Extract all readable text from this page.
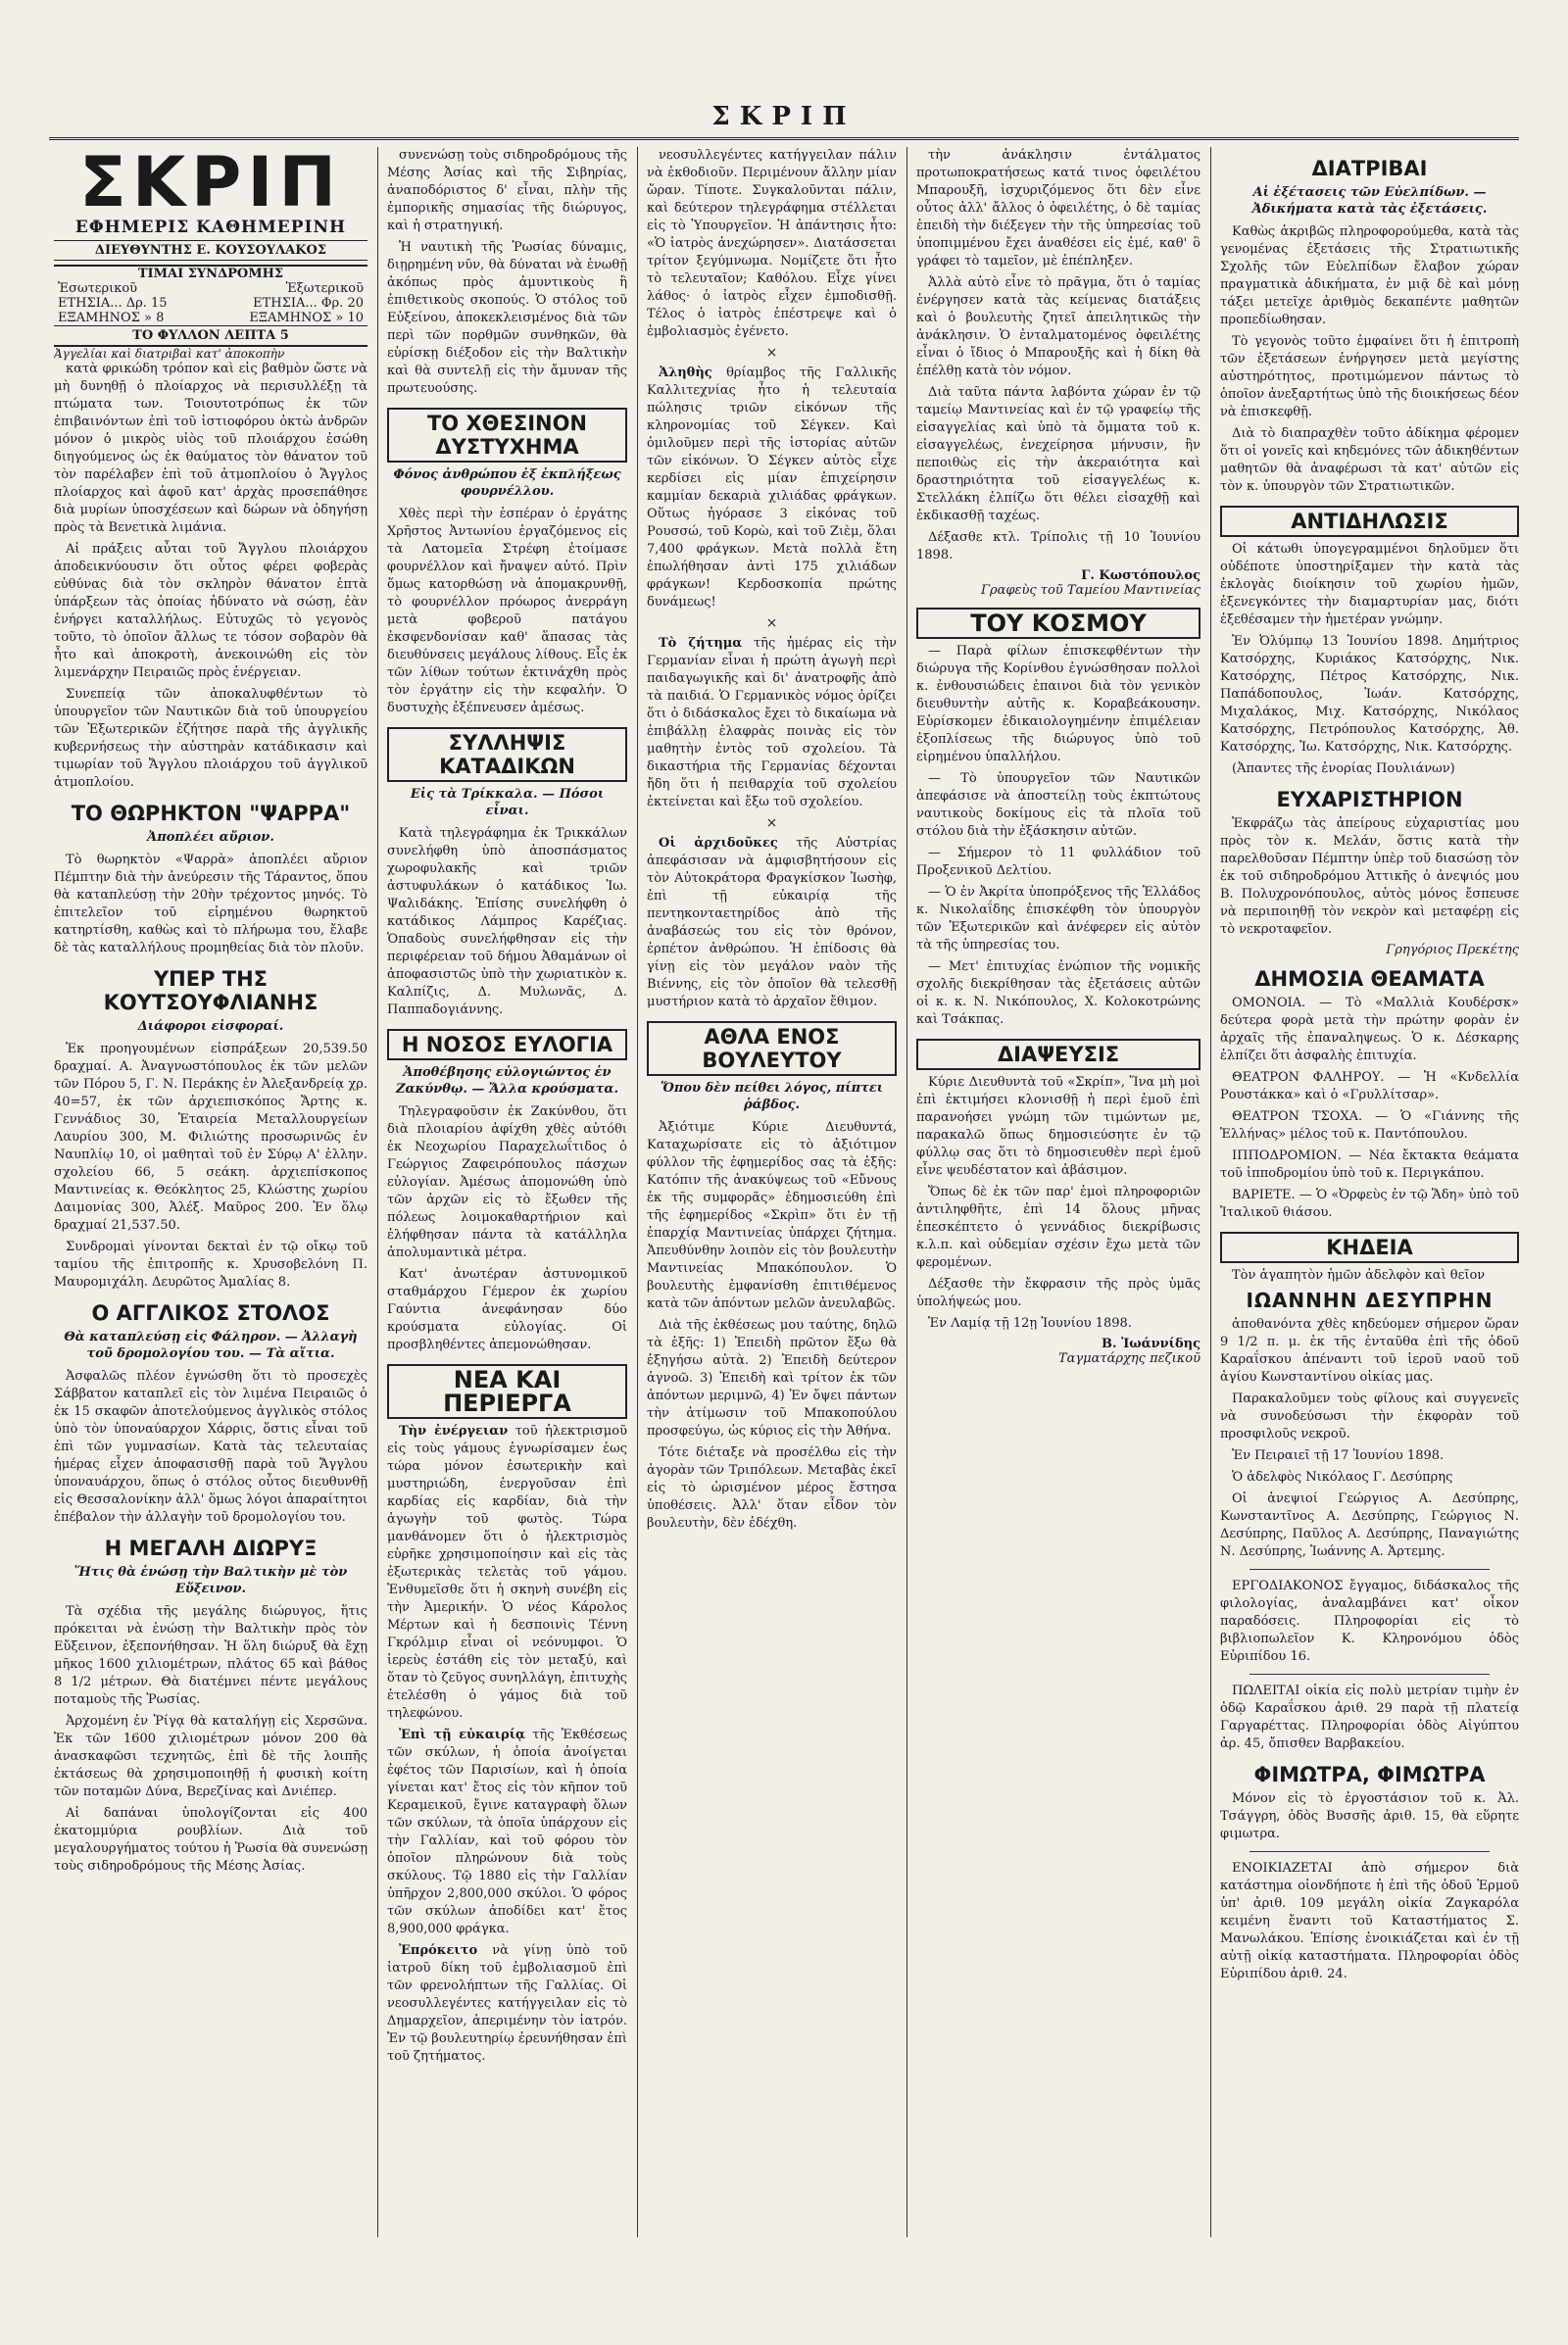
ΣΚΡΙΠ
ΣΚΡΙΠ
ΕΦΗΜΕΡΙΣ ΚΑΘΗΜΕΡΙΝΗ
ΔΙΕΥΘΥΝΤΗΣ Ε. ΚΟΥΣΟΥΛΑΚΟΣ
ΤΙΜΑΙ ΣΥΝΔΡΟΜΗΣ
Ἐσωτερικοῦ	Ἐξωτερικοῦ
ΕΤΗΣΙΑ... Δρ. 15	ΕΤΗΣΙΑ... Φρ. 20
ΕΞΑΜΗΝΟΣ » 8	ΕΞΑΜΗΝΟΣ » 10
ΤΟ ΦΥΛΛΟΝ ΛΕΠΤΑ 5
Ἀγγελίαι καὶ διατριβαὶ κατ' ἀποκοπὴν

κατὰ φρικώδη τρόπον καὶ εἰς βαθμὸν ὥστε νὰ μὴ δυνηθῇ ὁ πλοίαρχος νὰ περισυλλέξῃ τὰ πτώματα των. Τοιουτοτρόπως ἐκ τῶν ἐπιβαινόντων ἐπὶ τοῦ ἱστιοφόρου ὀκτὼ ἀνδρῶν μόνον ὁ μικρὸς υἱὸς τοῦ πλοιάρχου ἐσώθη διηγούμενος ὡς ἐκ θαύματος τὸν θάνατον τοῦ τὸν παρέλαβεν ἐπὶ τοῦ ἀτμοπλοίου ὁ Ἄγγλος πλοίαρχος καὶ ἀφοῦ κατ' ἀρχὰς προσεπάθησε διὰ μυρίων ὑποσχέσεων καὶ δώρων νὰ ὁδηγήσῃ πρὸς τὰ Βενετικὰ λιμάνια.

Αἱ πράξεις αὗται τοῦ Ἄγγλου πλοιάρχου ἀποδεικνύουσιν ὅτι οὗτος φέρει φοβερὰς εὐθύνας διὰ τὸν σκληρὸν θάνατον ἑπτὰ ὑπάρξεων τὰς ὁποίας ἠδύνατο νὰ σώσῃ, ἐὰν ἐνήργει καταλλήλως. Εὐτυχῶς τὸ γεγονὸς τοῦτο, τὸ ὁποῖον ἄλλως τε τόσον σοβαρὸν θὰ ἦτο καὶ ἀποκροτὴ, ἀνεκοινώθη εἰς τὸν λιμενάρχην Πειραιῶς πρὸς ἐνέργειαν.

Συνεπείᾳ τῶν ἀποκαλυφθέντων τὸ ὑπουργεῖον τῶν Ναυτικῶν διὰ τοῦ ὑπουργείου τῶν Ἐξωτερικῶν ἐζήτησε παρὰ τῆς ἀγγλικῆς κυβερνήσεως τὴν αὐστηρὰν κατάδικασιν καὶ τιμωρίαν τοῦ Ἄγγλου πλοιάρχου τοῦ ἀγγλικοῦ ἀτμοπλοίου.

ΤΟ ΘΩΡΗΚΤΟΝ "ΨΑΡΡΑ"
Ἀποπλέει αὔριον.

Τὸ θωρηκτὸν «Ψαρρὰ» ἀποπλέει αὔριον Πέμπτην διὰ τὴν ἀνεύρεσιν τῆς Τάραντος, ὅπου θὰ καταπλεύσῃ τὴν 20ὴν τρέχοντος μηνός. Τὸ ἐπιτελεῖον τοῦ εἰρημένου θωρηκτοῦ κατηρτίσθη, καθὼς καὶ τὸ πλήρωμα του, ἔλαβε δὲ τὰς καταλλήλους προμηθείας διὰ τὸν πλοῦν.

ΥΠΕΡ ΤΗΣ ΚΟΥΤΣΟΥΦΛΙΑΝΗΣ
Διάφοροι εἰσφοραί.

Ἐκ προηγουμένων εἰσπράξεων 20,539.50 δραχμαί. Α. Ἀναγνωστόπουλος ἐκ τῶν μελῶν τῶν Πόρου 5, Γ. Ν. Περάκης ἐν Ἀλεξανδρείᾳ χρ. 40=57, ἐκ τῶν ἀρχιεπισκόπος Ἄρτης κ. Γεννάδιος 30, Ἑταιρεία Μεταλλουργείων Λαυρίου 300, Μ. Φιλιώτης προσωρινῶς ἐν Ναυπλίῳ 10, οἱ μαθηταὶ τοῦ ἐν Σύρῳ Α' ἑλλην. σχολείου 66, 5 σεάκη. ἀρχιεπίσκοπος Μαντινείας κ. Θεόκλητος 25, Κλώστης χωρίου Δαιμονίας 300, Ἀλέξ. Μαῦρος 200. Ἐν ὅλῳ δραχμαί 21,537.50.

Συνδρομαὶ γίνονται δεκταὶ ἐν τῷ οἴκῳ τοῦ ταμίου τῆς ἐπιτροπῆς κ. Χρυσοβελόνη Π. Μαυρομιχάλη. Δευρῶτος Ἀμαλίας 8.

Ο ΑΓΓΛΙΚΟΣ ΣΤΟΛΟΣ
Θὰ καταπλεύσῃ εἰς Φάληρον. — Ἀλλαγὴ τοῦ δρομολογίου του. — Τὰ αἴτια.

Ἀσφαλῶς πλέον ἐγνώσθη ὅτι τὸ προσεχὲς Σάββατον καταπλεῖ εἰς τὸν λιμένα Πειραιῶς ὁ ἐκ 15 σκαφῶν ἀποτελούμενος ἀγγλικὸς στόλος ὑπὸ τὸν ὑποναύαρχον Χάρρις, ὅστις εἶναι τοῦ ἐπὶ τῶν γυμνασίων. Κατὰ τὰς τελευταίας ἡμέρας εἶχεν ἀποφασισθῇ παρὰ τοῦ Ἄγγλου ὑποναυάρχου, ὅπως ὁ στόλος οὗτος διευθυνθῇ εἰς Θεσσαλονίκην ἀλλ' ὅμως λόγοι ἀπαραίτητοι ἐπέβαλον τὴν ἀλλαγὴν τοῦ δρομολογίου του.

Η ΜΕΓΑΛΗ ΔΙΩΡΥΞ
Ἥτις θὰ ἑνώσῃ τὴν Βαλτικὴν μὲ τὸν Εὔξεινον.

Τὰ σχέδια τῆς μεγάλης διώρυγος, ἥτις πρόκειται νὰ ἑνώσῃ τὴν Βαλτικὴν πρὸς τὸν Εὔξεινον, ἐξεπονήθησαν. Ἡ ὅλη διώρυξ θὰ ἔχῃ μῆκος 1600 χιλιομέτρων, πλάτος 65 καὶ βάθος 8 1/2 μέτρων. Θὰ διατέμνει πέντε μεγάλους ποταμοὺς τῆς Ῥωσίας.

Ἀρχομένη ἐν Ῥίγᾳ θὰ καταλήγῃ εἰς Χερσῶνα. Ἐκ τῶν 1600 χιλιομέτρων μόνον 200 θὰ ἀνασκαφῶσι τεχνητῶς, ἐπὶ δὲ τῆς λοιπῆς ἐκτάσεως θὰ χρησιμοποιηθῇ ἡ φυσικὴ κοίτη τῶν ποταμῶν Δύνα, Βερεζίνας καὶ Δνιέπερ.

Αἱ δαπάναι ὑπολογίζονται εἰς 400 ἑκατομμύρια ρουβλίων. Διὰ τοῦ μεγαλουργήματος τούτου ἡ Ῥωσία θὰ συνενώσῃ τοὺς σιδηροδρόμους τῆς Μέσης Ἀσίας.

συνενώσῃ τοὺς σιδηροδρόμους τῆς Μέσης Ἀσίας καὶ τῆς Σιβηρίας, ἀναποδόριστος δ' εἶναι, πλὴν τῆς ἐμπορικῆς σημασίας τῆς διώρυγος, καὶ ἡ στρατηγική.

Ἡ ναυτικὴ τῆς Ῥωσίας δύναμις, διῃρημένη νῦν, θὰ δύναται νὰ ἑνωθῇ ἀκόπως πρὸς ἀμυντικοὺς ἢ ἐπιθετικοὺς σκοπούς. Ὁ στόλος τοῦ Εὐξείνου, ἀποκεκλεισμένος διὰ τῶν περὶ τῶν πορθμῶν συνθηκῶν, θὰ εὑρίσκῃ διέξοδον εἰς τὴν Βαλτικὴν καὶ θὰ συντελῇ εἰς τὴν ἄμυναν τῆς πρωτευούσης.

ΤΟ ΧΘΕΣΙΝΟΝ ΔΥΣΤΥΧΗΜΑ
Φόνος ἀνθρώπου ἐξ ἐκπλήξεως φουρνέλλου.

Χθὲς περὶ τὴν ἑσπέραν ὁ ἐργάτης Χρῆστος Ἀντωνίου ἐργαζόμενος εἰς τὰ Λατομεῖα Στρέφη ἐτοίμασε φουρνέλλον καὶ ἤναψεν αὐτό. Πρὶν ὅμως κατορθώσῃ νὰ ἀπομακρυνθῇ, τὸ φουρνέλλον πρόωρος ἀνερράγη μετὰ φοβεροῦ πατάγου ἐκσφενδονίσαν καθ' ἅπασας τὰς διευθύνσεις μεγάλους λίθους. Εἷς ἐκ τῶν λίθων τούτων ἐκτινάχθη πρὸς τὸν ἐργάτην εἰς τὴν κεφαλήν. Ὁ δυστυχὴς ἐξέπνευσεν ἀμέσως.

ΣΥΛΛΗΨΙΣ ΚΑΤΑΔΙΚΩΝ
Εἰς τὰ Τρίκκαλα. — Πόσοι εἶναι.

Κατὰ τηλεγράφημα ἐκ Τρικκάλων συνελήφθη ὑπὸ ἀποσπάσματος χωροφυλακῆς καὶ τριῶν ἀστυφυλάκων ὁ κατάδικος Ἰω. Ψαλιδάκης. Ἐπίσης συνελήφθη ὁ κατάδικος Λάμπρος Καρέζιας. Ὁπαδοὺς συνελήφθησαν εἰς τὴν περιφέρειαν τοῦ δήμου Ἀθαμάνων οἱ ἀποφασιστῶς ὑπὸ τὴν χωριατικὸν κ. Καλπίζις, Δ. Μυλωνᾶς, Δ. Παππαδογιάννης.

Η ΝΟΣΟΣ ΕΥΛΟΓΙΑ
Ἀποθέβησης εὐλογιώντος ἐν Ζακύνθῳ. — Ἄλλα κρούσματα.

Τηλεγραφοῦσιν ἐκ Ζακύνθου, ὅτι διὰ πλοιαρίου ἀφίχθη χθὲς αὐτόθι ἐκ Νεοχωρίου Παραχελωΐτιδος ὁ Γεώργιος Ζαφειρόπουλος πάσχων εὐλογίαν. Ἀμέσως ἀπομονώθη ὑπὸ τῶν ἀρχῶν εἰς τὸ ἔξωθεν τῆς πόλεως λοιμοκαθαρτήριον καὶ ἐλήφθησαν πάντα τὰ κατάλληλα ἀπολυμαντικὰ μέτρα.

Κατ' ἀνωτέραν ἀστυνομικοῦ σταθμάρχου Γέμερον ἐκ χωρίου Γαύντια ἀνεφάνησαν δύο κρούσματα εὐλογίας. Οἱ προσβληθέντες ἀπεμονώθησαν.

ΝΕΑ ΚΑΙ ΠΕΡΙΕΡΓΑ

Τὴν ἐνέργειαν τοῦ ἠλεκτρισμοῦ εἰς τοὺς γάμους ἐγνωρίσαμεν ἐως τώρα μόνον ἐσωτερικὴν καὶ μυστηριώδη, ἐνεργοῦσαν ἐπὶ καρδίας εἰς καρδίαν, διὰ τὴν ἀγωγὴν τοῦ φωτὸς. Τώρα μανθάνομεν ὅτι ὁ ἠλεκτρισμὸς εὑρῆκε χρησιμοποίησιν καὶ εἰς τὰς ἐξωτερικὰς τελετὰς τοῦ γάμου. Ἐνθυμεῖσθε ὅτι ἡ σκηνὴ συνέβη εἰς τὴν Ἀμερικήν. Ὁ νέος Κάρολος Μέρτων καὶ ἡ δεσποινὶς Τέννη Γκρόλμιρ εἶναι οἱ νεόνυμφοι. Ὁ ἱερεὺς ἐστάθη εἰς τὸν μεταξύ, καὶ ὅταν τὸ ζεῦγος συνηλλάγη, ἐπιτυχὴς ἐτελέσθη ὁ γάμος διὰ τοῦ τηλεφώνου.

Ἐπὶ τῇ εὐκαιρίᾳ τῆς Ἐκθέσεως τῶν σκύλων, ἡ ὁποία ἀνοίγεται ἐφέτος τῶν Παρισίων, καὶ ἡ ὁποία γίνεται κατ' ἔτος εἰς τὸν κῆπον τοῦ Κεραμεικοῦ, ἔγινε καταγραφὴ ὅλων τῶν σκύλων, τὰ ὁποῖα ὑπάρχουν εἰς τὴν Γαλλίαν, καὶ τοῦ φόρου τὸν ὁποῖον πληρώνουν διὰ τοὺς σκύλους. Τῷ 1880 εἰς τὴν Γαλλίαν ὑπῆρχον 2,800,000 σκύλοι. Ὁ φόρος τῶν σκύλων ἀποδίδει κατ' ἔτος 8,900,000 φράγκα.

Ἐπρόκειτο νὰ γίνῃ ὑπὸ τοῦ ἰατροῦ δίκη τοῦ ἐμβολιασμοῦ ἐπὶ τῶν φρενολήπτων τῆς Γαλλίας. Οἱ νεοσυλλεγέντες κατήγγειλαν εἰς τὸ Δημαρχεῖον, ἀπεριμένην τὸν ἰατρόν. Ἐν τῷ βουλευτηρίῳ ἐρευνήθησαν ἐπὶ τοῦ ζητήματος.

νεοσυλλεγέντες κατήγγειλαν πάλιν νὰ ἐκθοδιοῦν. Περιμένουν ἄλλην μίαν ὥραν. Τίποτε. Συγκαλοῦνται πάλιν, καὶ δεύτερον τηλεγράφημα στέλλεται εἰς τὸ Ὑπουργεῖον. Ἡ ἀπάντησις ἦτο: «Ὁ ἰατρὸς ἀνεχώρησεν». Διατάσσεται τρίτον ξεγύμνωμα. Νομίζετε ὅτι ἦτο τὸ τελευταῖον; Καθόλου. Εἶχε γίνει λάθος· ὁ ἰατρὸς εἶχεν ἐμποδισθῇ. Τέλος ὁ ἰατρὸς ἐπέστρεψε καὶ ὁ ἐμβολιασμὸς ἐγένετο.

×

Ἀληθὴς θρίαμβος τῆς Γαλλικῆς Καλλιτεχνίας ἦτο ἡ τελευταία πώλησις τριῶν εἰκόνων τῆς κληρονομίας τοῦ Σέγκεν. Καὶ ὁμιλοῦμεν περὶ τῆς ἱστορίας αὐτῶν τῶν εἰκόνων. Ὁ Σέγκεν αὐτὸς εἶχε κερδίσει εἰς μίαν ἐπιχείρησιν καμμίαν δεκαριὰ χιλιάδας φράγκων. Οὕτως ἠγόρασε 3 εἰκόνας τοῦ Ρουσσώ, τοῦ Κορὼ, καὶ τοῦ Ζιὲμ, ὅλαι 7,400 φράγκων. Μετὰ πολλὰ ἔτη ἐπωλήθησαν ἀντὶ 175 χιλιάδων φράγκων! Κερδοσκοπία πρώτης δυνάμεως!

×

Τὸ ζήτημα τῆς ἡμέρας εἰς τὴν Γερμανίαν εἶναι ἡ πρώτη ἀγωγὴ περὶ παιδαγωγικῆς καὶ δι' ἀνατροφῆς ἀπὸ τὰ παιδιά. Ὁ Γερμανικὸς νόμος ὁρίζει ὅτι ὁ διδάσκαλος ἔχει τὸ δικαίωμα νὰ ἐπιβάλλῃ ἐλαφρὰς ποινὰς εἰς τὸν μαθητὴν ἐντὸς τοῦ σχολείου. Τὰ δικαστήρια τῆς Γερμανίας δέχονται ἤδη ὅτι ἡ πειθαρχία τοῦ σχολείου ἐκτείνεται καὶ ἔξω τοῦ σχολείου.

×

Οἱ ἀρχιδοῦκες τῆς Αὐστρίας ἀπεφάσισαν νὰ ἀμφισβητήσουν εἰς τὸν Αὐτοκράτορα Φραγκίσκον Ἰωσὴφ, ἐπὶ τῇ εὐκαιρίᾳ τῆς πεντηκονταετηρίδος ἀπὸ τῆς ἀναβάσεώς του εἰς τὸν θρόνον, ἐρπέτον ἀνθρώπου. Ἡ ἐπίδοσις θὰ γίνῃ εἰς τὸν μεγάλον ναὸν τῆς Βιέννης, εἰς τὸν ὁποῖον θὰ τελεσθῇ μυστήριον κατὰ τὸ ἀρχαῖον ἔθιμον.

ΑΘΛΑ ΕΝΟΣ ΒΟΥΛΕΥΤΟΥ
Ὅπου δὲν πείθει λόγος, πίπτει ῥάβδος.

Ἀξιότιμε Κύριε Διευθυντά, Καταχωρίσατε εἰς τὸ ἀξιότιμον φύλλον τῆς ἐφημερίδος σας τὰ ἑξῆς: Κατόπιν τῆς ἀνακύψεως τοῦ «Εὔνους ἐκ τῆς συμφορᾶς» ἐδημοσιεύθη ἐπὶ τῆς ἐφημερίδος «Σκρὶπ» ὅτι ἐν τῇ ἐπαρχίᾳ Μαντινείας ὑπάρχει ζήτημα. Ἀπευθύνθην λοιπὸν εἰς τὸν βουλευτὴν Μαντινείας Μπακόπουλον. Ὁ βουλευτὴς ἐμφανίσθη ἐπιτιθέμενος κατὰ τῶν ἀπόντων μελῶν ἀνευλαβῶς.

Διὰ τῆς ἐκθέσεως μου ταύτης, δηλῶ τὰ ἑξῆς: 1) Ἐπειδὴ πρῶτον ἔξω θὰ ἐξηγήσω αὐτὰ. 2) Ἐπειδὴ δεύτερον ἀγνοῶ. 3) Ἐπειδὴ καὶ τρίτον ἐκ τῶν ἀπόντων μεριμνῶ, 4) Ἐν ὄψει πάντων τὴν ἀτίμωσιν τοῦ Μπακοπούλου προσφεύγω, ὡς κύριος εἰς τὴν Ἀθήνα.

Τότε διέταξε νὰ προσέλθω εἰς τὴν ἀγορὰν τῶν Τριπόλεων. Μεταβὰς ἐκεῖ εἰς τὸ ὡρισμένον μέρος ἔστησα ὑποθέσεις. Ἀλλ' ὅταν εἶδον τὸν βουλευτὴν, δὲν ἐδέχθη.

τὴν ἀνάκλησιν ἐντάλματος προτωποκρατήσεως κατά τινος ὀφειλέτου Μπαρουξῆ, ἰσχυριζόμενος ὅτι δὲν εἶνε οὗτος ἀλλ' ἄλλος ὁ ὀφειλέτης, ὁ δὲ ταμίας ἐπειδὴ τὴν διέξεγεν τὴν τῆς ὑπηρεσίας τοῦ ὑποπιμμένου ἔχει ἀναθέσει εἰς ἐμέ, καθ' ὃ γράφει τὸ ταμεῖον, μὲ ἐπέπληξεν.

Ἀλλὰ αὐτὸ εἶνε τὸ πρᾶγμα, ὅτι ὁ ταμίας ἐνέργησεν κατὰ τὰς κείμενας διατάξεις καὶ ὁ βουλευτὴς ζητεῖ ἀπειλητικῶς τὴν ἀνάκλησιν. Ὁ ἐνταλματομένος ὀφειλέτης εἶναι ὁ ἴδιος ὁ Μπαρουξῆς καὶ ἡ δίκη θὰ ἐπέλθῃ κατὰ τὸν νόμον.

Διὰ ταῦτα πάντα λαβόντα χώραν ἐν τῷ ταμείῳ Μαντινείας καὶ ἐν τῷ γραφείῳ τῆς εἰσαγγελίας καὶ ὑπὸ τὰ ὄμματα τοῦ κ. εἰσαγγελέως, ἐνεχείρησα μήνυσιν, ἣν πεποιθὼς εἰς τὴν ἀκεραιότητα καὶ δραστηριότητα τοῦ εἰσαγγελέως κ. Στελλάκη ἐλπίζω ὅτι θέλει εἰσαχθῇ καὶ ἐκδικασθῇ ταχέως.

Δέξασθε κτλ. Τρίπολις τῇ 10 Ἰουνίου 1898.

Γ. Κωστόπουλος
Γραφεὺς τοῦ Ταμείου Μαντινείας
ΤΟΥ ΚΟΣΜΟΥ

— Παρὰ φίλων ἐπισκεφθέντων τὴν διώρυγα τῆς Κορίνθου ἐγνώσθησαν πολλοὶ κ. ἐνθουσιώδεις ἐπαινοι διὰ τὸν γενικὸν διευθυντὴν αὐτῆς κ. Κοραβεάκουσην. Εὑρίσκομεν ἐδικαιολογημένην ἐπιμέλειαν ἐξοπλίσεως τῆς διώρυγος ὑπὸ τοῦ εἰρημένου ὑπαλλήλου.

— Τὸ ὑπουργεῖον τῶν Ναυτικῶν ἀπεφάσισε νὰ ἀποστείλῃ τοὺς ἐκπτώτους ναυτικοὺς δοκίμους εἰς τὰ πλοῖα τοῦ στόλου διὰ τὴν ἐξάσκησιν αὐτῶν.

— Σήμερον τὸ 11 φυλλάδιον τοῦ Προξενικοῦ Δελτίου.

— Ὁ ἐν Ἀκρίτα ὑποπρόξενος τῆς Ἑλλάδος κ. Νικολαΐδης ἐπισκέφθη τὸν ὑπουργὸν τῶν Ἐξωτερικῶν καὶ ἀνέφερεν εἰς αὐτὸν τὰ τῆς ὑπηρεσίας του.

— Μετ' ἐπιτυχίας ἐνώπιον τῆς νομικῆς σχολῆς διεκρίθησαν τὰς ἐξετάσεις αὑτῶν οἱ κ. κ. Ν. Νικόπουλος, Χ. Κολοκοτρώνης καὶ Τσάκπας.

ΔΙΑΨΕΥΣΙΣ

Κύριε Διευθυντὰ τοῦ «Σκρίπ», Ἵνα μὴ μοὶ ἐπὶ ἐκτιμήσει κλονισθῇ ἡ περὶ ἐμοῦ ἐπὶ παρανοήσει γνώμη τῶν τιμώντων με, παρακαλῶ ὅπως δημοσιεύσητε ἐν τῷ φύλλῳ σας ὅτι τὸ δημοσιευθὲν περὶ ἐμοῦ εἶνε ψευδέστατον καὶ ἀβάσιμον.

Ὅπως δὲ ἐκ τῶν παρ' ἐμοὶ πληροφοριῶν ἀντιληφθῆτε, ἐπὶ 14 ὅλους μῆνας ἐπεσκέπτετο ὁ γεννάδιος διεκρίβωσις κ.λ.π. καὶ οὐδεμίαν σχέσιν ἔχω μετὰ τῶν φερομένων.

Δέξασθε τὴν ἔκφρασιν τῆς πρὸς ὑμᾶς ὑπολήψεώς μου.

Ἐν Λαμίᾳ τῇ 12ῃ Ἰουνίου 1898.

Β. Ἰωάννίδης
Ταγματάρχης πεζικοῦ
ΔΙΑΤΡΙΒΑΙ
Αἱ ἐξέτασεις τῶν Εὐελπίδων. — Ἀδικήματα κατὰ τὰς ἐξετάσεις.

Καθὼς ἀκριβῶς πληροφορούμεθα, κατὰ τὰς γενομένας ἐξετάσεις τῆς Στρατιωτικῆς Σχολῆς τῶν Εὐελπίδων ἔλαβον χώραν πραγματικὰ ἀδικήματα, ἐν μιᾷ δὲ καὶ μόνῃ τάξει μετεῖχε ἀριθμὸς δεκαπέντε μαθητῶν προπεδίωθησαν.

Τὸ γεγονὸς τοῦτο ἐμφαίνει ὅτι ἡ ἐπιτροπὴ τῶν ἐξετάσεων ἐνήργησεν μετὰ μεγίστης αὐστηρότητος, προτιμώμενον πάντως τὸ ὁποῖον ἀνεξαρτήτως ὑπὸ τῆς διοικήσεως δέον νὰ ἐπισκεφθῇ.

Διὰ τὸ διαπραχθὲν τοῦτο ἀδίκημα φέρομεν ὅτι οἱ γονεῖς καὶ κηδεμόνες τῶν ἀδικηθέντων μαθητῶν θὰ ἀναφέρωσι τὰ κατ' αὐτῶν εἰς τὸν κ. ὑπουργὸν τῶν Στρατιωτικῶν.

ΑΝΤΙΔΗΛΩΣΙΣ

Οἱ κάτωθι ὑπογεγραμμένοι δηλοῦμεν ὅτι οὐδέποτε ὑποστηρίξαμεν τὴν κατὰ τὰς ἐκλογὰς διοίκησιν τοῦ χωρίου ἡμῶν, ἐξενεγκόντες τὴν διαμαρτυρίαν μας, διότι ἐξεθέσαμεν τὴν ἡμετέραν γνώμην.

Ἐν Ὀλύμπῳ 13 Ἰουνίου 1898. Δημήτριος Κατσόρχης, Κυριάκος Κατσόρχης, Νικ. Κατσόρχης, Πέτρος Κατσόρχης, Νικ. Παπάδοπουλος, Ἰωάν. Κατσόρχης, Μιχαλάκος, Μιχ. Κατσόρχης, Νικόλαος Κατσόρχης, Πετρόπουλος Κατσόρχης, Ἀθ. Κατσόρχης, Ἰω. Κατσόρχης, Νικ. Κατσόρχης.

(Ἀπαντες τῆς ἐνορίας Πουλιάνων)

ΕΥΧΑΡΙΣΤΗΡΙΟΝ

Ἐκφράζω τὰς ἀπείρους εὐχαριστίας μου πρὸς τὸν κ. Μελάν, ὅστις κατὰ τὴν παρελθοῦσαν Πέμπτην ὑπὲρ τοῦ διασώσῃ τὸν ἐκ τοῦ σιδηροδρόμου Ἀττικῆς ὁ ἀνεψιός μου Β. Πολυχρονόπουλος, αὐτὸς μόνος ἔσπευσε νὰ περιποιηθῇ τὸν νεκρὸν καὶ μεταφέρῃ εἰς τὸ νεκροταφεῖον.

Γρηγόριος Πρεκέτης
ΔΗΜΟΣΙΑ ΘΕΑΜΑΤΑ

ΟΜΟΝΟΙΑ. — Τὸ «Μαλλιὰ Κουδέρσκ» δεύτερα φορὰ μετὰ τὴν πρώτην φορὰν ἐν ἀρχαῖς τῆς ἐπαναληψεως. Ὁ κ. Δέσκαρης ἐλπίζει ὅτι ἀσφαλὴς ἐπιτυχία.

ΘΕΑΤΡΟΝ ΦΑΛΗΡΟΥ. — Ἡ «Κνδελλία Ρουστάκκα» καὶ ὁ «Γρυλλίτσαρ».

ΘΕΑΤΡΟΝ ΤΣΟΧΑ. — Ὁ «Γιάννης τῆς Ἑλλήνας» μέλος τοῦ κ. Παντόπουλου.

ΙΠΠΟΔΡΟΜΙΟΝ. — Νέα ἔκτακτα θεάματα τοῦ ἱπποδρομίου ὑπὸ τοῦ κ. Περιγκάπου.

ΒΑΡΙΕΤΕ. — Ὁ «Ὀρφεὺς ἐν τῷ Ἅδη» ὑπὸ τοῦ Ἰταλικοῦ θιάσου.

ΚΗΔΕΙΑ

Τὸν ἀγαπητὸν ἡμῶν ἀδελφὸν καὶ θεῖον

ΙΩΑΝΝΗΝ ΔΕΣΥΠΡΗΝ

ἀποθανόντα χθὲς κηδεύομεν σήμερον ὥραν 9 1/2 π. μ. ἐκ τῆς ἐνταῦθα ἐπὶ τῆς ὁδοῦ Καραΐσκου ἀπέναντι τοῦ ἱεροῦ ναοῦ τοῦ ἁγίου Κωνσταντίνου οἰκίας μας.

Παρακαλοῦμεν τοὺς φίλους καὶ συγγενεῖς νὰ συνοδεύσωσι τὴν ἐκφορὰν τοῦ προσφιλοῦς νεκροῦ.

Ἐν Πειραιεῖ τῇ 17 Ἰουνίου 1898.

Ὁ ἀδελφὸς Νικόλαος Γ. Δεσύπρης

Οἱ ἀνεψιοί Γεώργιος Α. Δεσύπρης, Κωνσταντῖνος Α. Δεσύπρης, Γεώργιος Ν. Δεσύπρης, Παῦλος Α. Δεσύπρης, Παναγιώτης Ν. Δεσύπρης, Ἰωάννης Α. Ἀρτεμης.

ΕΡΓΟΔΙΑΚΟΝΟΣ ἔγγαμος, διδάσκαλος τῆς φιλολογίας, ἀναλαμβάνει κατ' οἶκον παραδόσεις. Πληροφορίαι εἰς τὸ βιβλιοπωλεῖον Κ. Κληρονόμου ὁδὸς Εὐριπίδου 16.

ΠΩΛΕΙΤΑΙ οἰκία εἰς πολὺ μετρίαν τιμὴν ἐν ὁδῷ Καραΐσκου ἀριθ. 29 παρὰ τῇ πλατείᾳ Γαργαρέττας. Πληροφορίαι ὁδὸς Αἰγύπτου ἀρ. 45, ὄπισθεν Βαρβακείου.

ΦΙΜΩΤΡΑ, ΦΙΜΩΤΡΑ

Μόνον εἰς τὸ ἐργοστάσιον τοῦ κ. Ἀλ. Τσάγγρη, ὁδὸς Βυσσῆς ἀριθ. 15, θὰ εὕρητε φιμωτρα.

ΕΝΟΙΚΙΑΖΕΤΑΙ ἀπὸ σήμερον διὰ κατάστημα οἰονδήποτε ἡ ἐπὶ τῆς ὁδοῦ Ἑρμοῦ ὑπ' ἀριθ. 109 μεγάλη οἰκία Ζαγκαρόλα κειμένη ἔναντι τοῦ Καταστήματος Σ. Μανωλάκου. Ἐπίσης ἐνοικιάζεται καὶ ἐν τῇ αὐτῇ οἰκίᾳ καταστήματα. Πληροφορίαι ὁδὸς Εὐριπίδου ἀριθ. 24.
